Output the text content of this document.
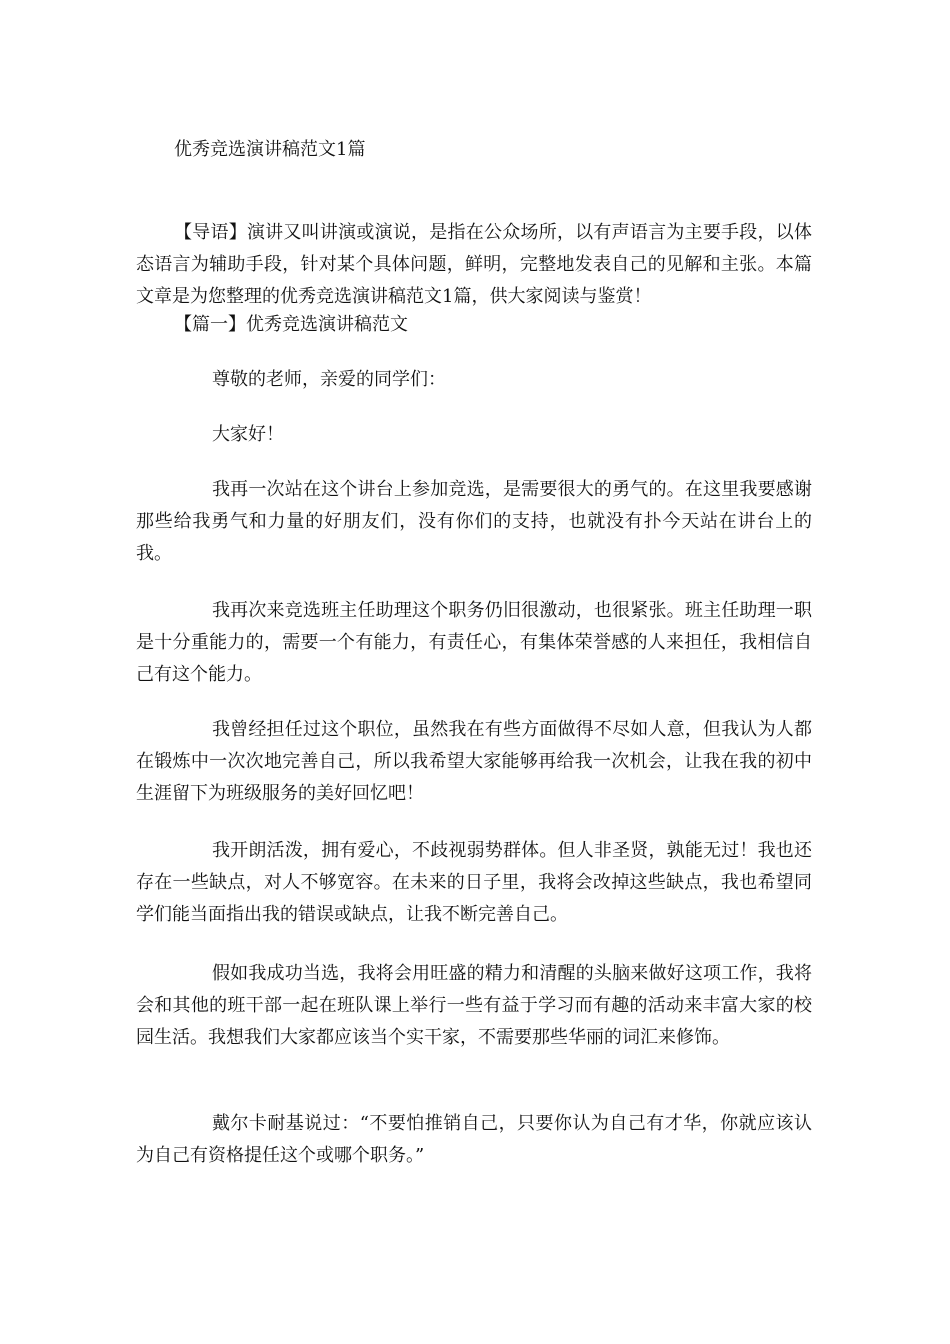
优秀竞选演讲稿范文1篇

【导语】演讲又叫讲演或演说，是指在公众场所，以有声语言为主要手段，以体态语言为辅助手段，针对某个具体问题，鲜明，完整地发表自己的见解和主张。本篇文章是为您整理的优秀竞选演讲稿范文1篇，供大家阅读与鉴赏！

【篇一】优秀竞选演讲稿范文

尊敬的老师，亲爱的同学们：

大家好！

我再一次站在这个讲台上参加竞选，是需要很大的勇气的。在这里我要感谢那些给我勇气和力量的好朋友们，没有你们的支持，也就没有扑今天站在讲台上的我。

我再次来竞选班主任助理这个职务仍旧很激动，也很紧张。班主任助理一职是十分重能力的，需要一个有能力，有责任心，有集体荣誉感的人来担任，我相信自己有这个能力。

我曾经担任过这个职位，虽然我在有些方面做得不尽如人意，但我认为人都在锻炼中一次次地完善自己，所以我希望大家能够再给我一次机会，让我在我的初中生涯留下为班级服务的美好回忆吧！

我开朗活泼，拥有爱心，不歧视弱势群体。但人非圣贤，孰能无过！我也还存在一些缺点，对人不够宽容。在未来的日子里，我将会改掉这些缺点，我也希望同学们能当面指出我的错误或缺点，让我不断完善自己。

假如我成功当选，我将会用旺盛的精力和清醒的头脑来做好这项工作，我将会和其他的班干部一起在班队课上举行一些有益于学习而有趣的活动来丰富大家的校园生活。我想我们大家都应该当个实干家，不需要那些华丽的词汇来修饰。

戴尔卡耐基说过：“不要怕推销自己，只要你认为自己有才华，你就应该认为自己有资格提任这个或哪个职务。”
